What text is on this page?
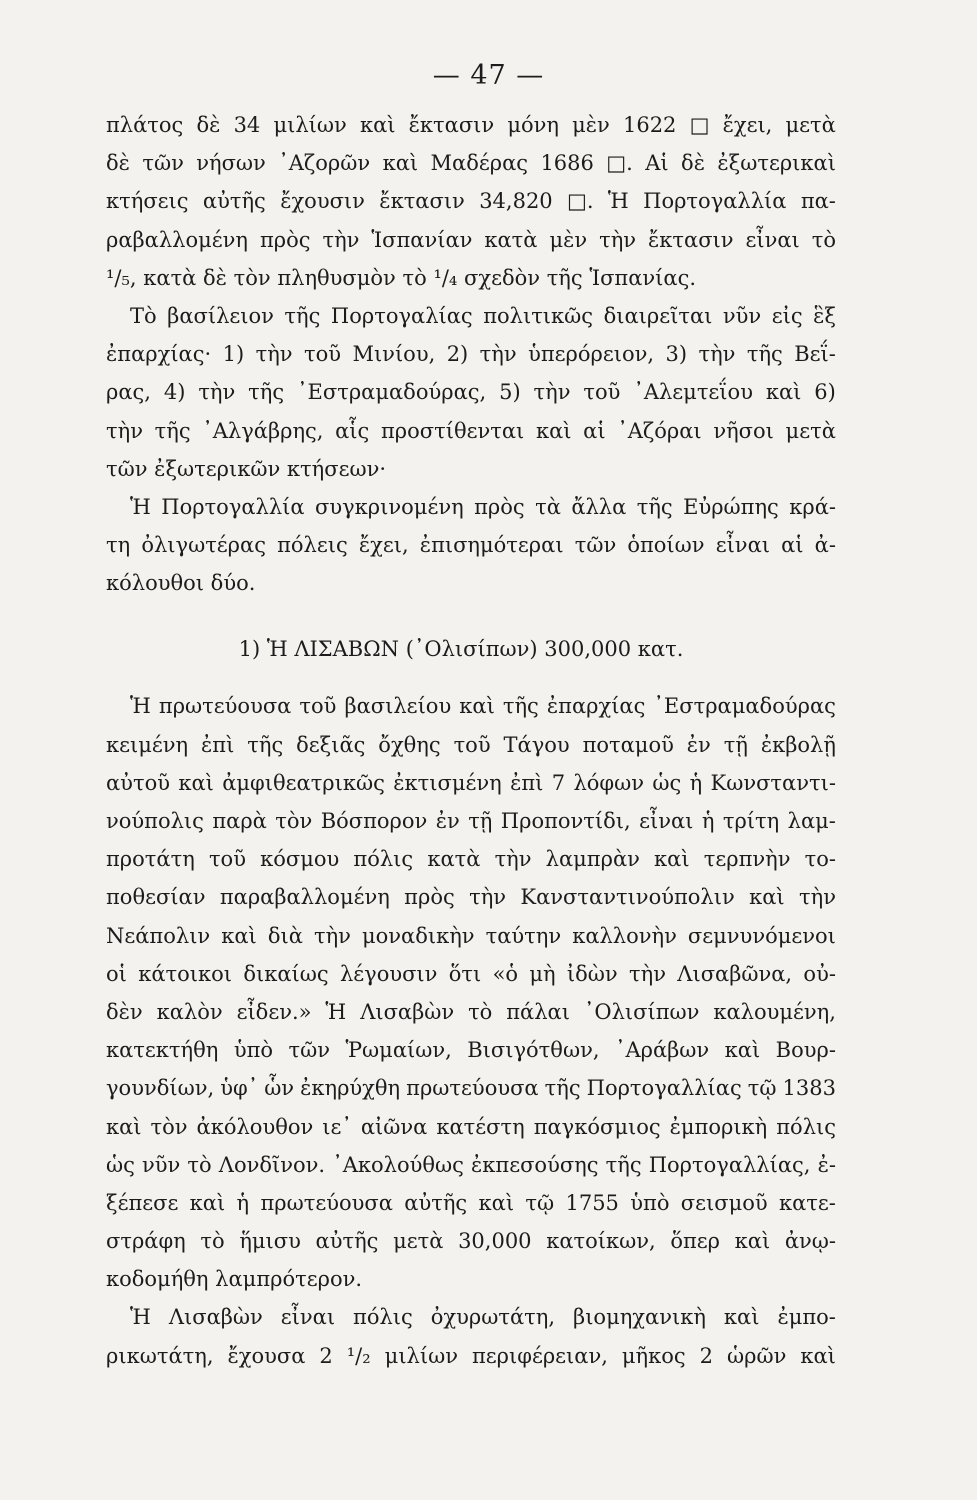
— 47 —
πλάτος δὲ 34 μιλίων καὶ ἔκτασιν μόνη μὲν 1622 □ ἔχει, μετὰ
δὲ τῶν νήσων ᾿Αζορῶν καὶ Μαδέρας 1686 □. Αἱ δὲ ἐξωτερικαὶ
κτήσεις αὐτῆς ἔχουσιν ἔκτασιν 34,820 □. Ἡ Πορτογαλλία πα-
ραβαλλομένη πρὸς τὴν Ἱσπανίαν κατὰ μὲν τὴν ἔκτασιν εἶναι τὸ
¹/₅, κατὰ δὲ τὸν πληθυσμὸν τὸ ¹/₄ σχεδὸν τῆς Ἱσπανίας.
Τὸ βασίλειον τῆς Πορτογαλίας πολιτικῶς διαιρεῖται νῦν εἰς ἓξ
ἐπαρχίας· 1) τὴν τοῦ Μινίου, 2) τὴν ὑπερόρειον, 3) τὴν τῆς Βεΐ-
ρας, 4) τὴν τῆς ᾿Εστραμαδούρας, 5) τὴν τοῦ ᾿Αλεμτεΐου καὶ 6)
τὴν τῆς ᾿Αλγάβρης, αἷς προστίθενται καὶ αἱ ᾿Αζόραι νῆσοι μετὰ
τῶν ἐξωτερικῶν κτήσεων·
Ἡ Πορτογαλλία συγκρινομένη πρὸς τὰ ἄλλα τῆς Εὐρώπης κρά-
τη ὀλιγωτέρας πόλεις ἔχει, ἐπισημότεραι τῶν ὁποίων εἶναι αἱ ἀ-
κόλουθοι δύο.
1) Ἡ ΛΙΣΑΒΩΝ (᾿Ολισίπων) 300,000 κατ.
Ἡ πρωτεύουσα τοῦ βασιλείου καὶ τῆς ἐπαρχίας ᾿Εστραμαδούρας
κειμένη ἐπὶ τῆς δεξιᾶς ὄχθης τοῦ Τάγου ποταμοῦ ἐν τῇ ἐκβολῇ
αὐτοῦ καὶ ἀμφιθεατρικῶς ἐκτισμένη ἐπὶ 7 λόφων ὡς ἡ Κωνσταντι-
νούπολις παρὰ τὸν Βόσπορον ἐν τῇ Προποντίδι, εἶναι ἡ τρίτη λαμ-
προτάτη τοῦ κόσμου πόλις κατὰ τὴν λαμπρὰν καὶ τερπνὴν το-
ποθεσίαν παραβαλλομένη πρὸς τὴν Κανσταντινούπολιν καὶ τὴν
Νεάπολιν καὶ διὰ τὴν μοναδικὴν ταύτην καλλονὴν σεμνυνόμενοι
οἱ κάτοικοι δικαίως λέγουσιν ὅτι «ὁ μὴ ἰδὼν τὴν Λισαβῶνα, οὐ-
δὲν καλὸν εἶδεν.» Ἡ Λισαβὼν τὸ πάλαι ᾿Ολισίπων καλουμένη,
κατεκτήθη ὑπὸ τῶν Ῥωμαίων, Βισιγότθων, ᾿Αράβων καὶ Βουρ-
γουνδίων, ὑφ᾿ ὧν ἐκηρύχθη πρωτεύουσα τῆς Πορτογαλλίας τῷ 1383
καὶ τὸν ἀκόλουθον ιε᾿ αἰῶνα κατέστη παγκόσμιος ἐμπορικὴ πόλις
ὡς νῦν τὸ Λονδῖνον. ᾿Ακολούθως ἐκπεσούσης τῆς Πορτογαλλίας, ἐ-
ξέπεσε καὶ ἡ πρωτεύουσα αὐτῆς καὶ τῷ 1755 ὑπὸ σεισμοῦ κατε-
στράφη τὸ ἥμισυ αὐτῆς μετὰ 30,000 κατοίκων, ὅπερ καὶ ἀνῳ-
κοδομήθη λαμπρότερον.
Ἡ Λισαβὼν εἶναι πόλις ὀχυρωτάτη, βιομηχανικὴ καὶ ἐμπο-
ρικωτάτη, ἔχουσα 2 ¹/₂ μιλίων περιφέρειαν, μῆκος 2 ὡρῶν καὶ
